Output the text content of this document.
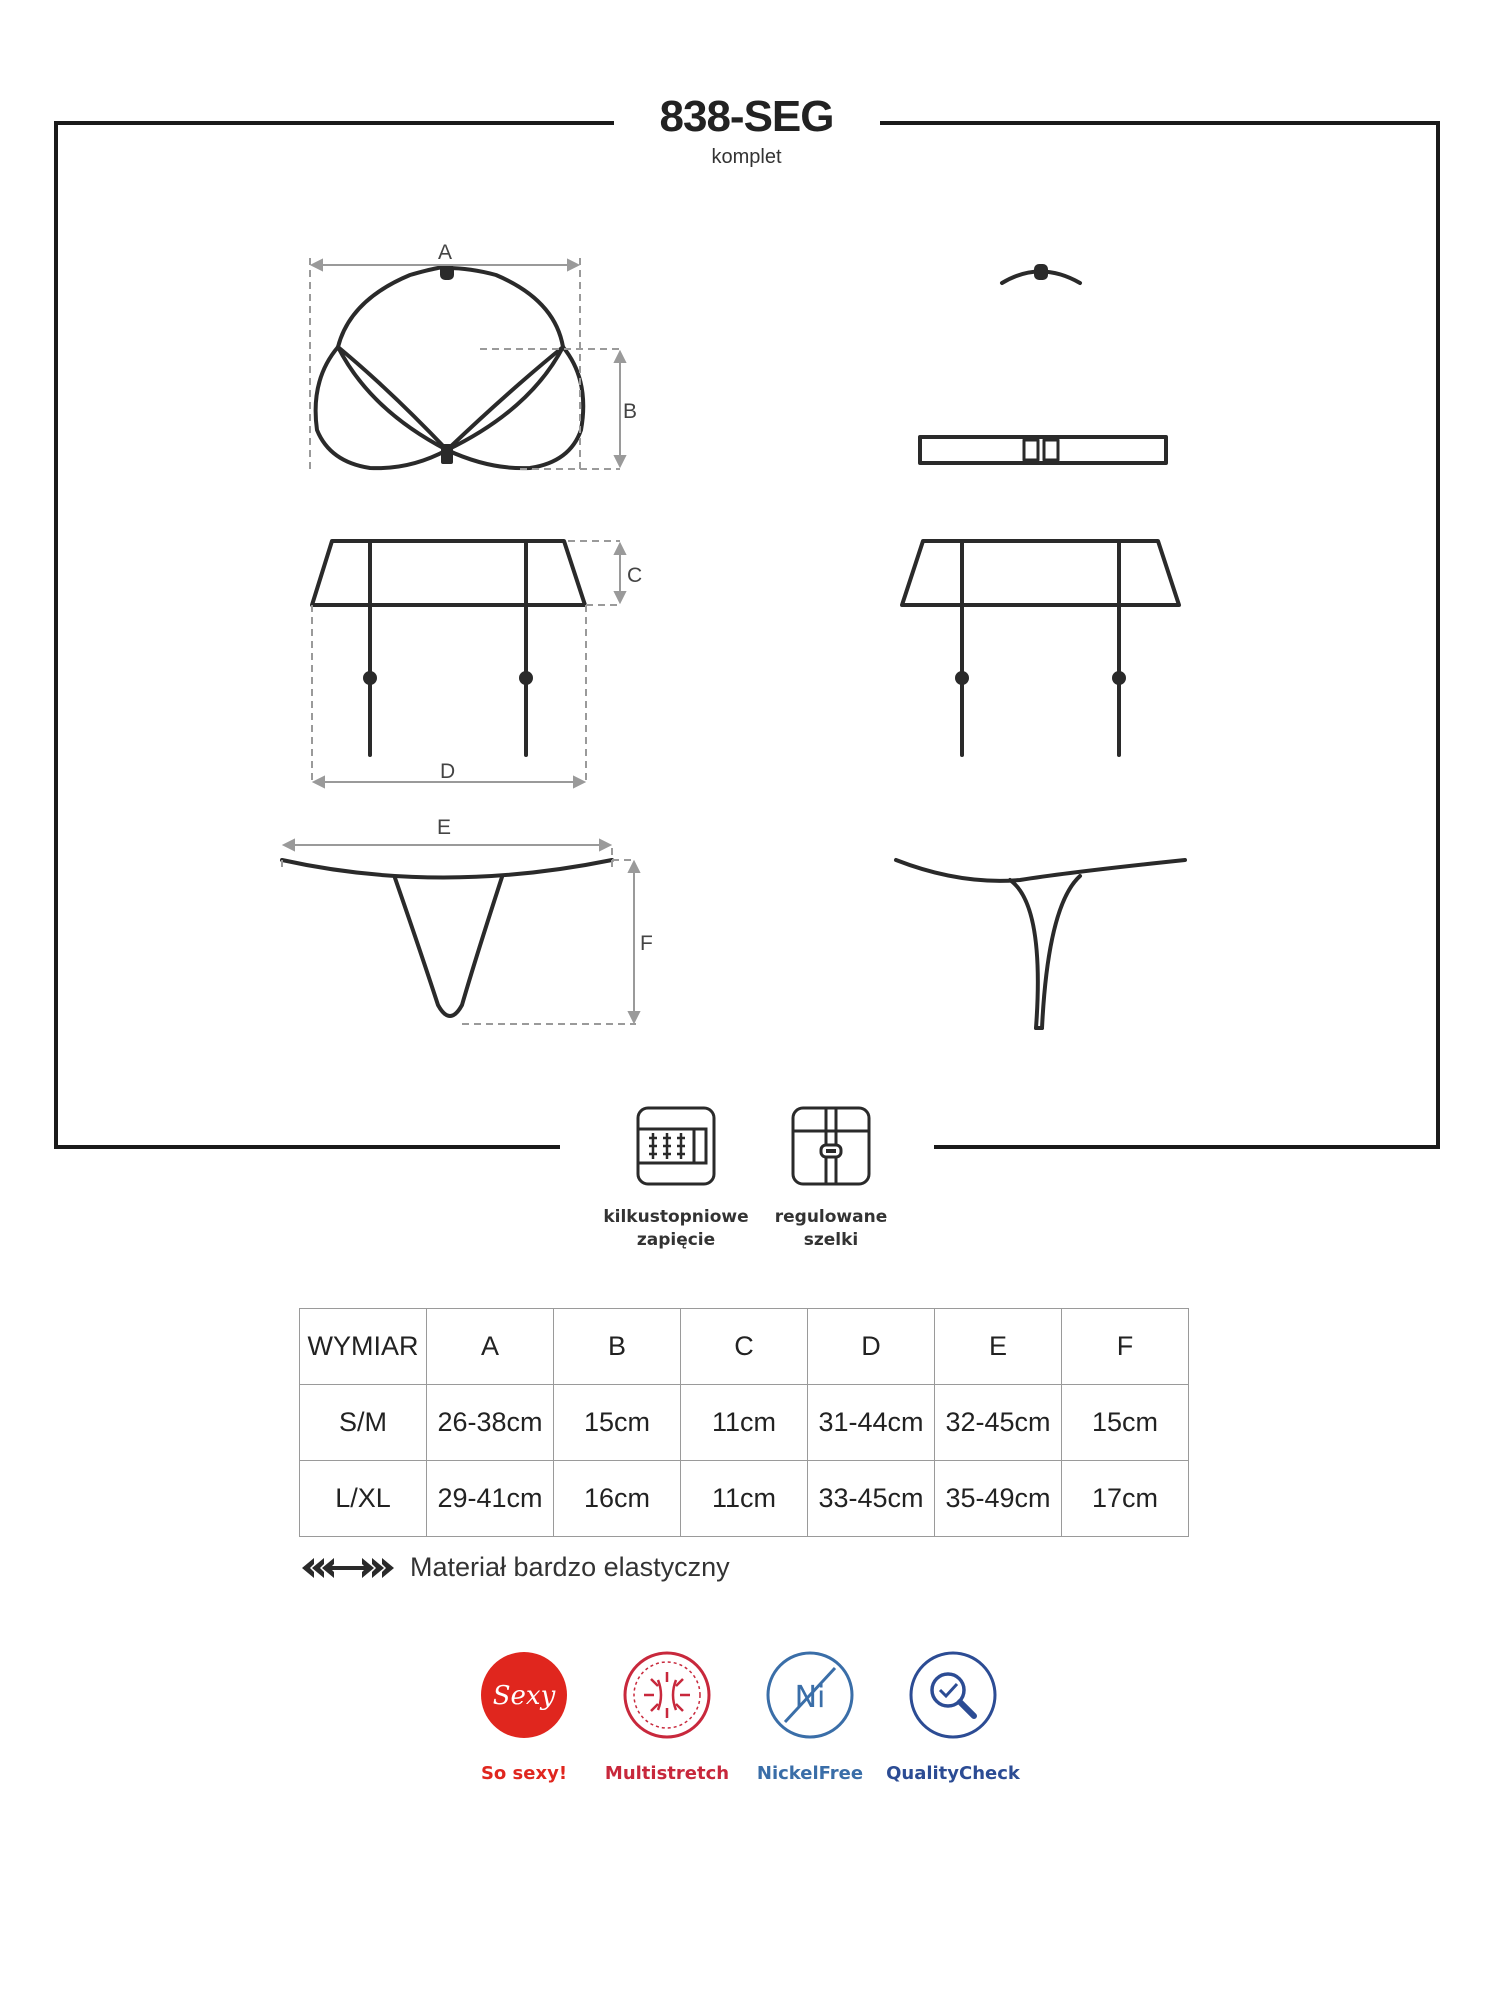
838-SEG
komplet
A
B
C
D
E
F
kilkustopniowe
zapięcie
regulowane
szelki
WYMIAR	A	B	C	D	E	F
S/M	26-38cm	15cm	11cm	31-44cm	32-45cm	15cm
L/XL	29-41cm	16cm	11cm	33-45cm	35-49cm	17cm
Materiał bardzo elastyczny
Sexy
So sexy!	Multistretch
Ni
NickelFree	QualityCheck
